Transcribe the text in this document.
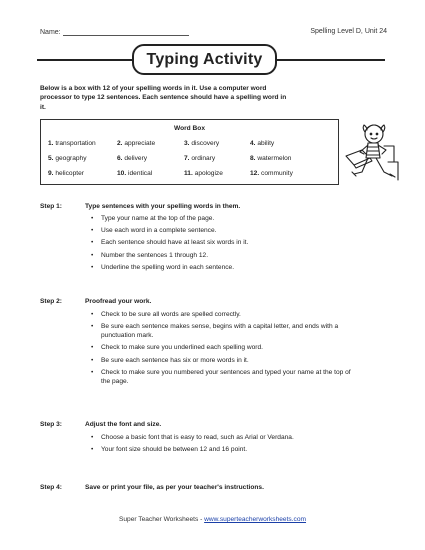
Name:	Spelling Level D, Unit 24
Typing Activity
Below is a box with 12 of your spelling words in it. Use a computer word processor to type 12 sentences. Each sentence should have a spelling word in it.
Word Box
1. transportation	2. appreciate	3. discovery	4. ability
5. geography	6. delivery	7. ordinary	8. watermelon
9. helicopter	10. identical	11. apologize	12. community
Step 1:	Type sentences with your spelling words in them.
• Type your name at the top of the page.
• Use each word in a complete sentence.
• Each sentence should have at least six words in it.
• Number the sentences 1 through 12.
• Underline the spelling word in each sentence.
Step 2:	Proofread your work.
• Check to be sure all words are spelled correctly.
• Be sure each sentence makes sense, begins with a capital letter, and ends with a punctuation mark.
• Check to make sure you underlined each spelling word.
• Be sure each sentence has six or more words in it.
• Check to make sure you numbered your sentences and typed your name at the top of the page.
Step 3:	Adjust the font and size.
• Choose a basic font that is easy to read, such as Arial or Verdana.
• Your font size should be between 12 and 16 point.
Step 4:	Save or print your file, as per your teacher's instructions.
Super Teacher Worksheets - www.superteacherworksheets.com
